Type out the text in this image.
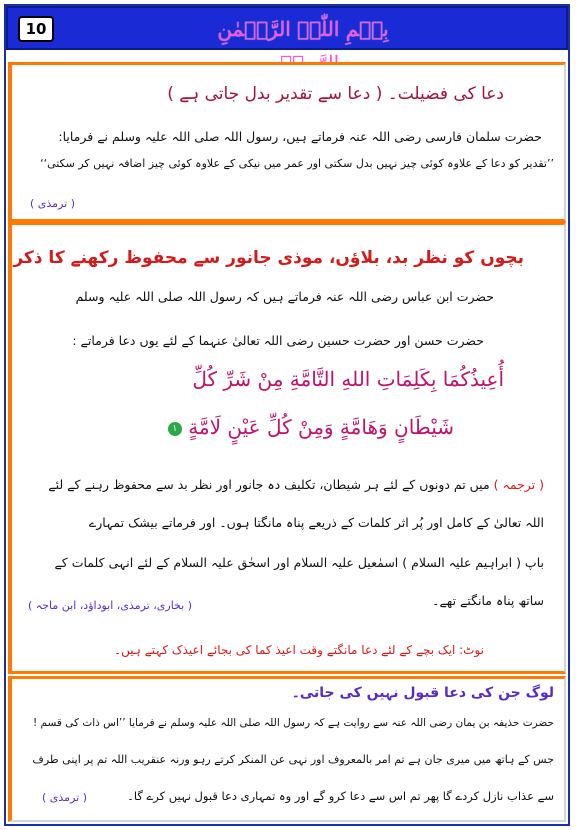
10	بِسۡمِ اللّٰہِ الرَّحۡمٰنِ
دعا کی فضیلت۔ ( دعا سے تقدیر بدل جاتی ہے )
حضرت سلمان فارسی رضی اللہ عنہ فرماتے ہیں، رسول اللہ صلی اللہ علیہ وسلم نے فرمایا:
’’تقدیر کو دعا کے علاوہ کوئی چیز نہیں بدل سکتی اور عمر میں نیکی کے علاوہ کوئی چیز اضافہ نہیں کر سکتی‘‘
( ترمذی )
بچوں کو نظر بد، بلاؤں، موذی جانور سے محفوظ رکھنے کا ذکر
حضرت ابن عباس رضی اللہ عنہ فرماتے ہیں کہ رسول اللہ صلی اللہ علیہ وسلم
حضرت حسن اور حضرت حسین رضی اللہ تعالیٰ عنہما کے لئے یوں دعا فرماتے :
أُعِيذُكُمَا بِكَلِمَاتِ اللهِ التَّامَّةِ مِنْ شَرِّ كُلِّ
شَيْطَانٍ وَهَامَّةٍ وَمِنْ كُلِّ عَيْنٍ لَامَّةٍ ۱
( ترجمہ ) میں تم دونوں کے لئے ہر شیطان، تکلیف دہ جانور اور نظر بد سے محفوظ رہنے کے لئے
اللہ تعالیٰ کے کامل اور پُر اثر کلمات کے ذریعے پناہ مانگتا ہوں۔ اور فرماتے بیشک تمہارے
باپ ( ابراہیم علیہ السلام ) اسمٰعیل علیہ السلام اور اسحٰق علیہ السلام کے لئے انہی کلمات کے
ساتھ پناہ مانگتے تھے۔
( بخاری، ترمذی، ابوداؤد، ابن ماجہ )
نوٹ: ایک بچے کے لئے دعا مانگتے وقت اعیذ کما کی بجائے اعیذک کہتے ہیں۔
لوگ جن کی دعا قبول نہیں کی جاتی۔
حضرت حذیفہ بن یمان رضی اللہ عنہ سے روایت ہے کہ رسول اللہ صلی اللہ علیہ وسلم نے فرمایا ’’اس ذات کی قسم !
جس کے ہاتھ میں میری جان ہے تم امر بالمعروف اور نہی عن المنکر کرتے رہو ورنہ عنقریب اللہ تم پر اپنی طرف
سے عذاب نازل کردے گا پھر تم اس سے دعا کرو گے اور وہ تمہاری دعا قبول نہیں کرے گا۔
( ترمذی )
